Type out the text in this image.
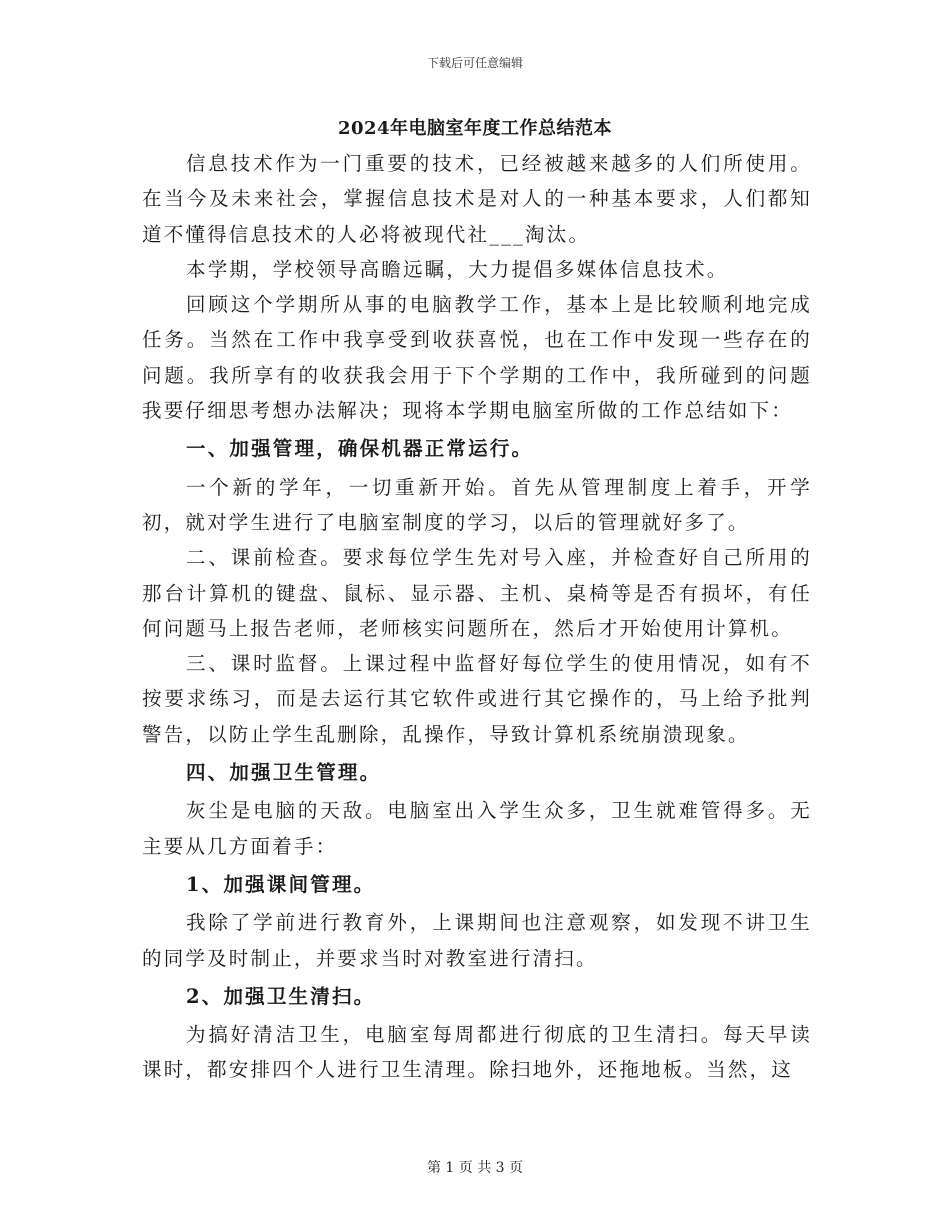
下载后可任意编辑
2024年电脑室年度工作总结范本

信息技术作为一门重要的技术，已经被越来越多的人们所使用。在当今及未来社会，掌握信息技术是对人的一种基本要求，人们都知道不懂得信息技术的人必将被现代社___淘汰。

本学期，学校领导高瞻远瞩，大力提倡多媒体信息技术。

回顾这个学期所从事的电脑教学工作，基本上是比较顺利地完成任务。当然在工作中我享受到收获喜悦，也在工作中发现一些存在的问题。我所享有的收获我会用于下个学期的工作中，我所碰到的问题我要仔细思考想办法解决；现将本学期电脑室所做的工作总结如下：

一、加强管理，确保机器正常运行。

一个新的学年，一切重新开始。首先从管理制度上着手，开学初，就对学生进行了电脑室制度的学习，以后的管理就好多了。

二、课前检查。要求每位学生先对号入座，并检查好自己所用的那台计算机的键盘、鼠标、显示器、主机、桌椅等是否有损坏，有任何问题马上报告老师，老师核实问题所在，然后才开始使用计算机。

三、课时监督。上课过程中监督好每位学生的使用情况，如有不按要求练习，而是去运行其它软件或进行其它操作的，马上给予批判警告，以防止学生乱删除，乱操作，导致计算机系统崩溃现象。

四、加强卫生管理。

灰尘是电脑的天敌。电脑室出入学生众多，卫生就难管得多。无主要从几方面着手：

1、加强课间管理。

我除了学前进行教育外，上课期间也注意观察，如发现不讲卫生的同学及时制止，并要求当时对教室进行清扫。

2、加强卫生清扫。

为搞好清洁卫生，电脑室每周都进行彻底的卫生清扫。每天早读课时，都安排四个人进行卫生清理。除扫地外，还拖地板。当然，这

第 1 页 共 3 页
